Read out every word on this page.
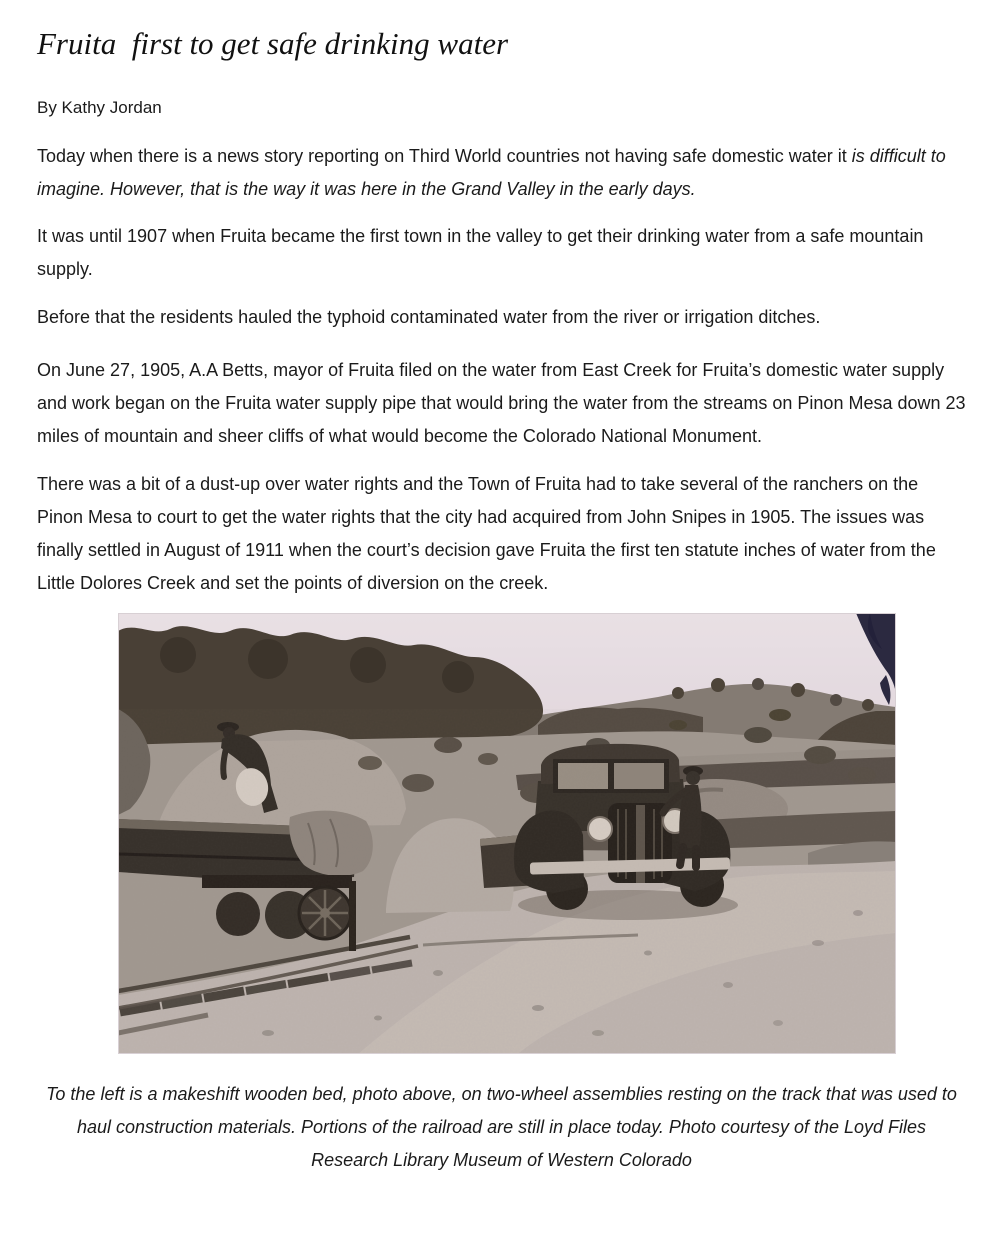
Fruita  first to get safe drinking water

By Kathy Jordan

Today when there is a news story reporting on Third World countries not having safe domestic water it is difficult to imagine. However, that is the way it was here in the Grand Valley in the early days.

It was until 1907 when Fruita became the first town in the valley to get their drinking water from a safe mountain supply.

Before that the residents hauled the typhoid contaminated water from the river or irrigation ditches.

On June 27, 1905, A.A Betts, mayor of Fruita filed on the water from East Creek for Fruita’s domestic water supply and work began on the Fruita water supply pipe that would bring the water from the streams on Pinon Mesa down 23 miles of mountain and sheer cliffs of what would become the Colorado National Monument.

There was a bit of a dust-up over water rights and the Town of Fruita had to take several of the ranchers on the Pinon Mesa to court to get the water rights that the city had acquired from John Snipes in 1905. The issues was finally settled in August of 1911 when the court’s decision gave Fruita the first ten statute inches of water from the Little Dolores Creek and set the points of diversion on the creek.

To the left is a makeshift wooden bed, photo above, on two-wheel assemblies resting on the track that was used to haul construction materials. Portions of the railroad are still in place today. Photo courtesy of the Loyd Files Research Library Museum of Western Colorado
